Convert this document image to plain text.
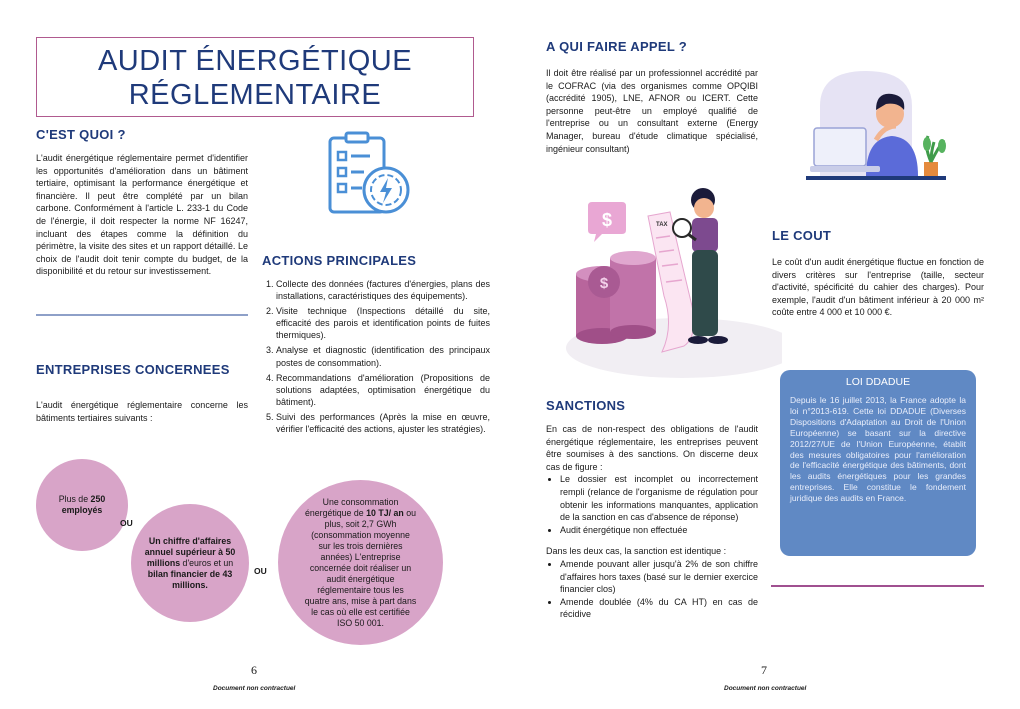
AUDIT ÉNERGÉTIQUE
RÉGLEMENTAIRE
C'EST QUOI ?

L'audit énergétique réglementaire permet d'identifier les opportunités d'amélioration dans un bâtiment tertiaire, optimisant la performance énergétique et financière. Il peut être complété par un bilan carbone. Conformément à l'article L. 233-1 du Code de l'énergie, il doit respecter la norme NF 16247, incluant des étapes comme la définition du périmètre, la visite des sites et un rapport détaillé. Le choix de l'audit doit tenir compte du budget, de la disponibilité et du retour sur investissement.

ACTIONS PRINCIPALES
1. Collecte des données (factures d'énergies, plans des installations, caractéristiques des équipements).
2. Visite technique (Inspections détaillé du site, efficacité des parois et identification points de fuites thermiques).
3. Analyse et diagnostic (identification des principaux postes de consommation).
4. Recommandations d'amélioration (Propositions de solutions adaptées, optimisation énergétique du bâtiment).
5. Suivi des performances (Après la mise en œuvre, vérifier l'efficacité des actions, ajuster les stratégies).
ENTREPRISES CONCERNEES

L'audit énergétique réglementaire concerne les bâtiments tertiaires suivants :

Plus de 250
employés
OU
Un chiffre d'affaires annuel supérieur à 50 millions d'euros et un bilan financier de 43 millions.
OU
Une consommation énergétique de 10 TJ/ an ou plus, soit 2,7 GWh (consommation moyenne sur les trois dernières années) L'entreprise concernée doit réaliser un audit énergétique réglementaire tous les quatre ans, mise à part dans le cas où elle est certifiée ISO 50 001.
6
Document non contractuel
A QUI FAIRE APPEL ?

Il doit être réalisé par un professionnel accrédité par le COFRAC (via des organismes comme OPQIBI (accrédité 1905), LNE, AFNOR ou ICERT. Cette personne peut-être un employé qualifié de l'entreprise ou un consultant externe (Energy Manager, bureau d'étude climatique spécialisé, ingénieur consultant)

$
$
TAX
LE COUT

Le coût d'un audit énergétique fluctue en fonction de divers critères sur l'entreprise (taille, secteur d'activité, spécificité du cahier des charges). Pour exemple, l'audit d'un bâtiment inférieur à 20 000 m² coûte entre 4 000 et 10 000 €.

SANCTIONS
En cas de non-respect des obligations de l'audit énergétique réglementaire, les entreprises peuvent être soumises à des sanctions. On discerne deux cas de figure :
• Le dossier est incomplet ou incorrectement rempli (relance de l'organisme de régulation pour obtenir les informations manquantes, application de la sanction en cas d'absence de réponse)
• Audit énergétique non effectuée
Dans les deux cas, la sanction est identique :
• Amende pouvant aller jusqu'à 2% de son chiffre d'affaires hors taxes (basé sur le dernier exercice financier clos)
• Amende doublée (4% du CA HT) en cas de récidive
LOI DDADUE

Depuis le 16 juillet 2013, la France adopte la loi n°2013-619. Cette loi DDADUE (Diverses Dispositions d'Adaptation au Droit de l'Union Européenne) se basant sur la directive 2012/27/UE de l'Union Européenne, établit des mesures obligatoires pour l'amélioration de l'efficacité énergétique des bâtiments, dont les audits énergétiques pour les grandes entreprises. Elle constitue le fondement juridique des audits en France.

7
Document non contractuel
